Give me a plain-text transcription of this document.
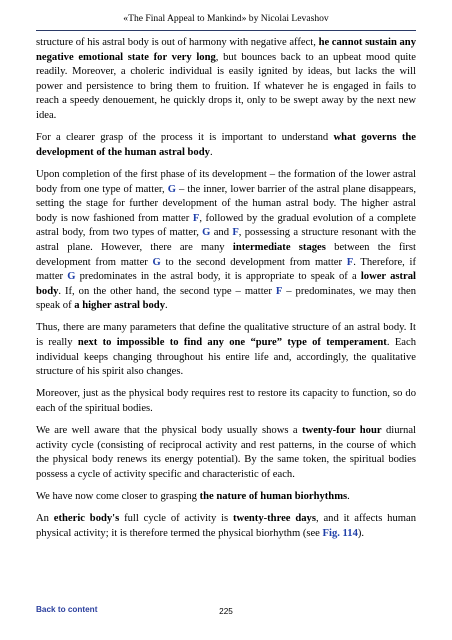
«The Final Appeal to Mankind» by Nicolai Levashov

structure of his astral body is out of harmony with negative affect, he cannot sustain any negative emotional state for very long, but bounces back to an upbeat mood quite readily. Moreover, a choleric individual is easily ignited by ideas, but lacks the will power and persistence to bring them to fruition. If whatever he is engaged in fails to reach a speedy denouement, he quickly drops it, only to be swept away by the next new idea.

For a clearer grasp of the process it is important to understand what governs the development of the human astral body.

Upon completion of the first phase of its development – the formation of the lower astral body from one type of matter, G – the inner, lower barrier of the astral plane disappears, setting the stage for further development of the human astral body. The higher astral body is now fashioned from matter F, followed by the gradual evolution of a complete astral body, from two types of matter, G and F, possessing a structure resonant with the astral plane. However, there are many intermediate stages between the first development from matter G to the second development from matter F. Therefore, if matter G predominates in the astral body, it is appropriate to speak of a lower astral body. If, on the other hand, the second type – matter F – predominates, we may then speak of a higher astral body.

Thus, there are many parameters that define the qualitative structure of an astral body. It is really next to impossible to find any one “pure” type of temperament. Each individual keeps changing throughout his entire life and, accordingly, the qualitative structure of his spirit also changes.

Moreover, just as the physical body requires rest to restore its capacity to function, so do each of the spiritual bodies.

We are well aware that the physical body usually shows a twenty-four hour diurnal activity cycle (consisting of reciprocal activity and rest patterns, in the course of which the physical body renews its energy potential). By the same token, the spiritual bodies possess a cycle of activity specific and characteristic of each.

We have now come closer to grasping the nature of human biorhythms.

An etheric body's full cycle of activity is twenty-three days, and it affects human physical activity; it is therefore termed the physical biorhythm (see Fig. 114).

Back to content	225
